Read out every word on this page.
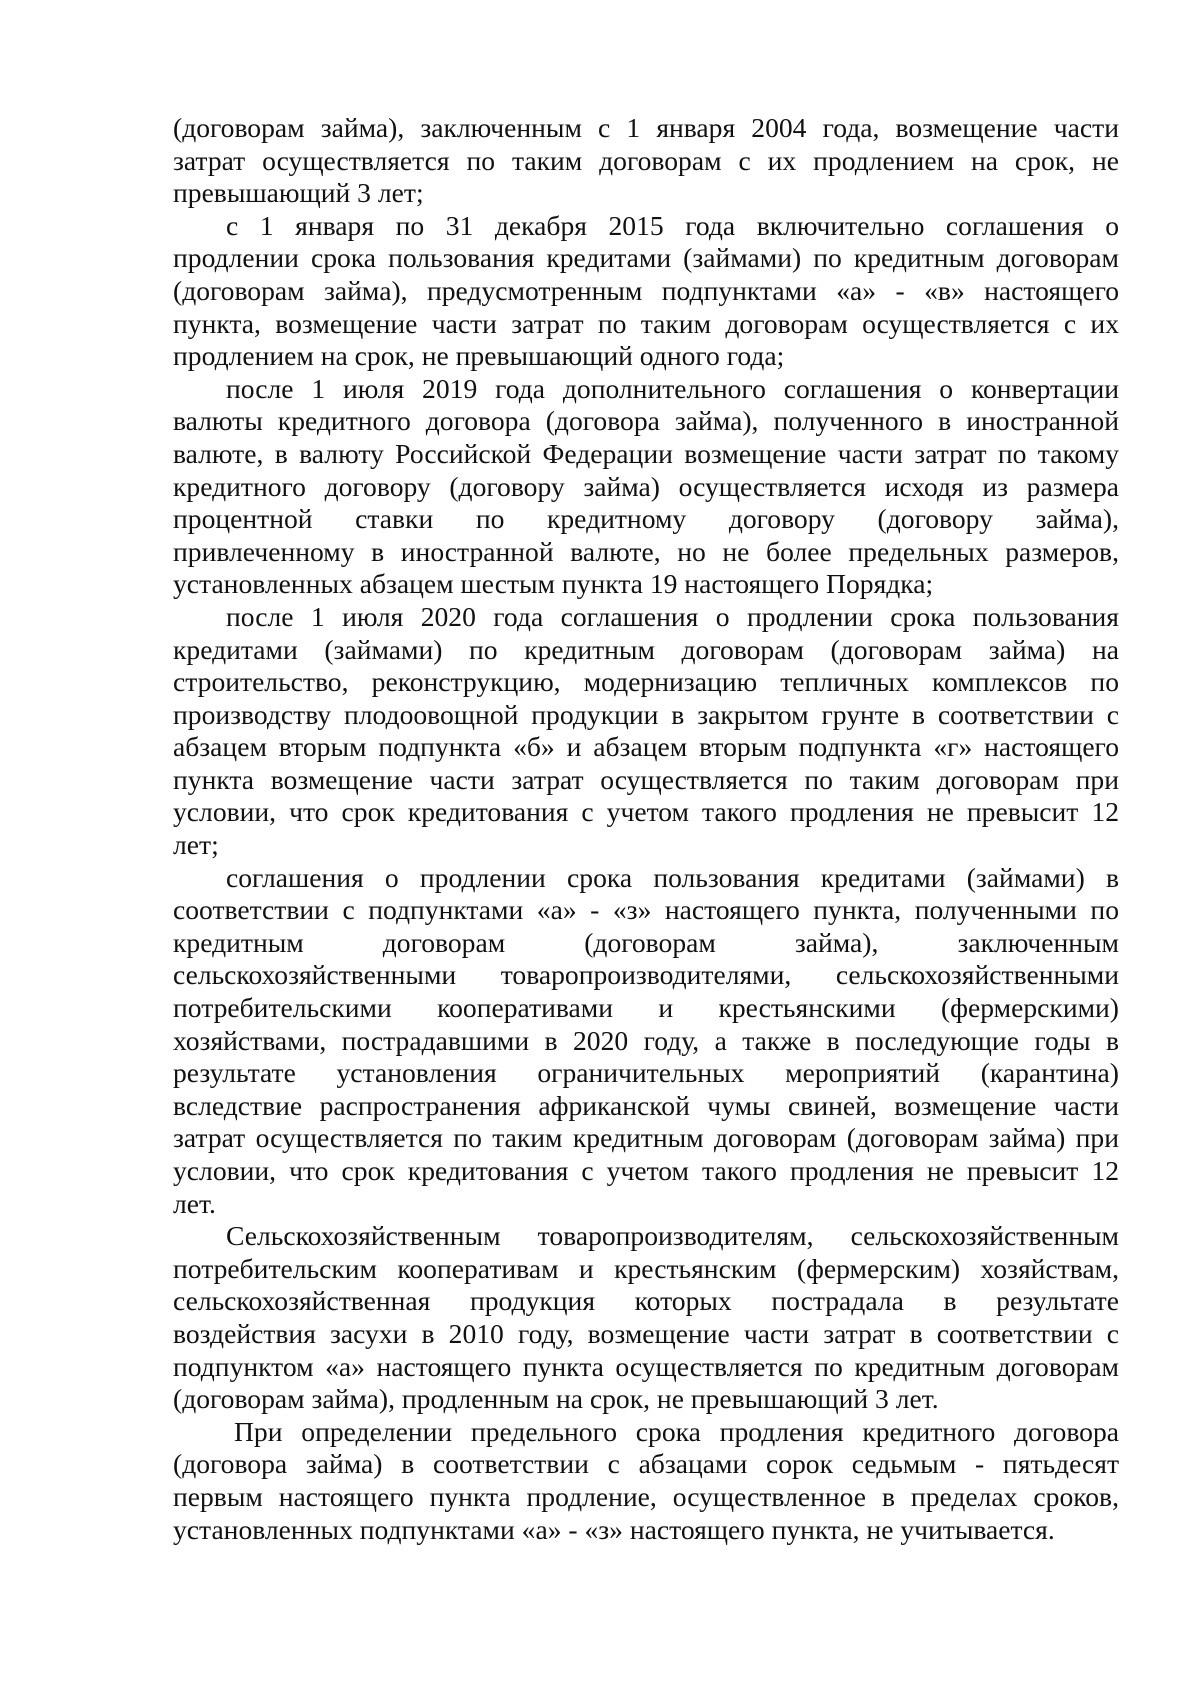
(договорам займа), заключенным с 1 января 2004 года, возмещение части
затрат осуществляется по таким договорам с их продлением на срок, не
превышающий 3 лет;
с 1 января по 31 декабря 2015 года включительно соглашения о
продлении срока пользования кредитами (займами) по кредитным договорам
(договорам займа), предусмотренным подпунктами «а» - «в» настоящего
пункта, возмещение части затрат по таким договорам осуществляется с их
продлением на срок, не превышающий одного года;
после 1 июля 2019 года дополнительного соглашения о конвертации
валюты кредитного договора (договора займа), полученного в иностранной
валюте, в валюту Российской Федерации возмещение части затрат по такому
кредитного договору (договору займа) осуществляется исходя из размера
процентной ставки по кредитному договору (договору займа),
привлеченному в иностранной валюте, но не более предельных размеров,
установленных абзацем шестым пункта 19 настоящего Порядка;
после 1 июля 2020 года соглашения о продлении срока пользования
кредитами (займами) по кредитным договорам (договорам займа) на
строительство, реконструкцию, модернизацию тепличных комплексов по
производству плодоовощной продукции в закрытом грунте в соответствии с
абзацем вторым подпункта «б» и абзацем вторым подпункта «г» настоящего
пункта возмещение части затрат осуществляется по таким договорам при
условии, что срок кредитования с учетом такого продления не превысит 12
лет;
соглашения о продлении срока пользования кредитами (займами) в
соответствии с подпунктами «а» - «з» настоящего пункта, полученными по
кредитным договорам (договорам займа), заключенным
сельскохозяйственными товаропроизводителями, сельскохозяйственными
потребительскими кооперативами и крестьянскими (фермерскими)
хозяйствами, пострадавшими в 2020 году, а также в последующие годы в
результате установления ограничительных мероприятий (карантина)
вследствие распространения африканской чумы свиней, возмещение части
затрат осуществляется по таким кредитным договорам (договорам займа) при
условии, что срок кредитования с учетом такого продления не превысит 12
лет.
Сельскохозяйственным товаропроизводителям, сельскохозяйственным
потребительским кооперативам и крестьянским (фермерским) хозяйствам,
сельскохозяйственная продукция которых пострадала в результате
воздействия засухи в 2010 году, возмещение части затрат в соответствии с
подпунктом «а» настоящего пункта осуществляется по кредитным договорам
(договорам займа), продленным на срок, не превышающий 3 лет.
При определении предельного срока продления кредитного договора
(договора займа) в соответствии с абзацами сорок седьмым - пятьдесят
первым настоящего пункта продление, осуществленное в пределах сроков,
установленных подпунктами «а» - «з» настоящего пункта, не учитывается.
